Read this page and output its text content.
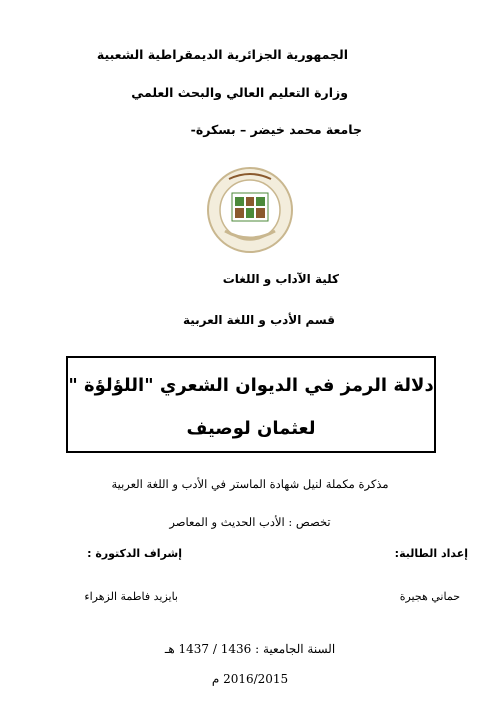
الجمهورية الجزائرية الديمقراطية الشعبية
وزارة التعليم العالي والبحث العلمي
جامعة محمد خيضر – بسكرة-
كلية الآداب و اللغات
قسم الأدب و اللغة العربية
دلالة الرمز في الديوان الشعري "اللؤلؤة "
لعثمان لوصيف
مذكرة مكملة لنيل شهادة الماستر في الأدب و اللغة العربية
تخصص : الأدب الحديث و المعاصر
إعداد الطالبة:
إشراف الدكتورة :
حماني هجيرة
بايزيد فاطمة الزهراء
السنة الجامعية : 1436 / 1437 هـ
2016/2015 م
